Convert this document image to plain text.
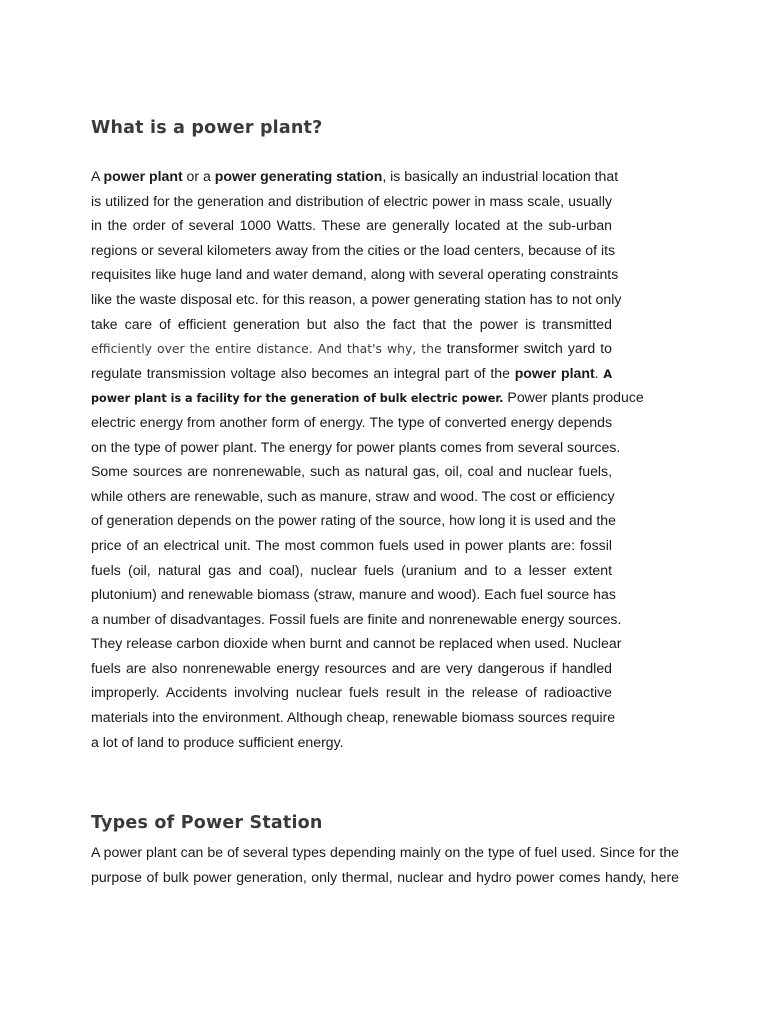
What is a power plant?
A power plant or a power generating station, is basically an industrial location that
is utilized for the generation and distribution of electric power in mass scale, usually
in the order of several 1000 Watts. These are generally located at the sub-urban
regions or several kilometers away from the cities or the load centers, because of its
requisites like huge land and water demand, along with several operating constraints
like the waste disposal etc. for this reason, a power generating station has to not only
take care of efficient generation but also the fact that the power is transmitted
efficiently over the entire distance. And that's why, the transformer switch yard to
regulate transmission voltage also becomes an integral part of the power plant. A
power plant is a facility for the generation of bulk electric power. Power plants produce
electric energy from another form of energy. The type of converted energy depends
on the type of power plant. The energy for power plants comes from several sources.
Some sources are nonrenewable, such as natural gas, oil, coal and nuclear fuels,
while others are renewable, such as manure, straw and wood. The cost or efficiency
of generation depends on the power rating of the source, how long it is used and the
price of an electrical unit. The most common fuels used in power plants are: fossil
fuels (oil, natural gas and coal), nuclear fuels (uranium and to a lesser extent
plutonium) and renewable biomass (straw, manure and wood). Each fuel source has
a number of disadvantages. Fossil fuels are finite and nonrenewable energy sources.
They release carbon dioxide when burnt and cannot be replaced when used. Nuclear
fuels are also nonrenewable energy resources and are very dangerous if handled
improperly. Accidents involving nuclear fuels result in the release of radioactive
materials into the environment. Although cheap, renewable biomass sources require
a lot of land to produce sufficient energy.
Types of Power Station
A power plant can be of several types depending mainly on the type of fuel used. Since for the
purpose of bulk power generation, only thermal, nuclear and hydro power comes handy, here
